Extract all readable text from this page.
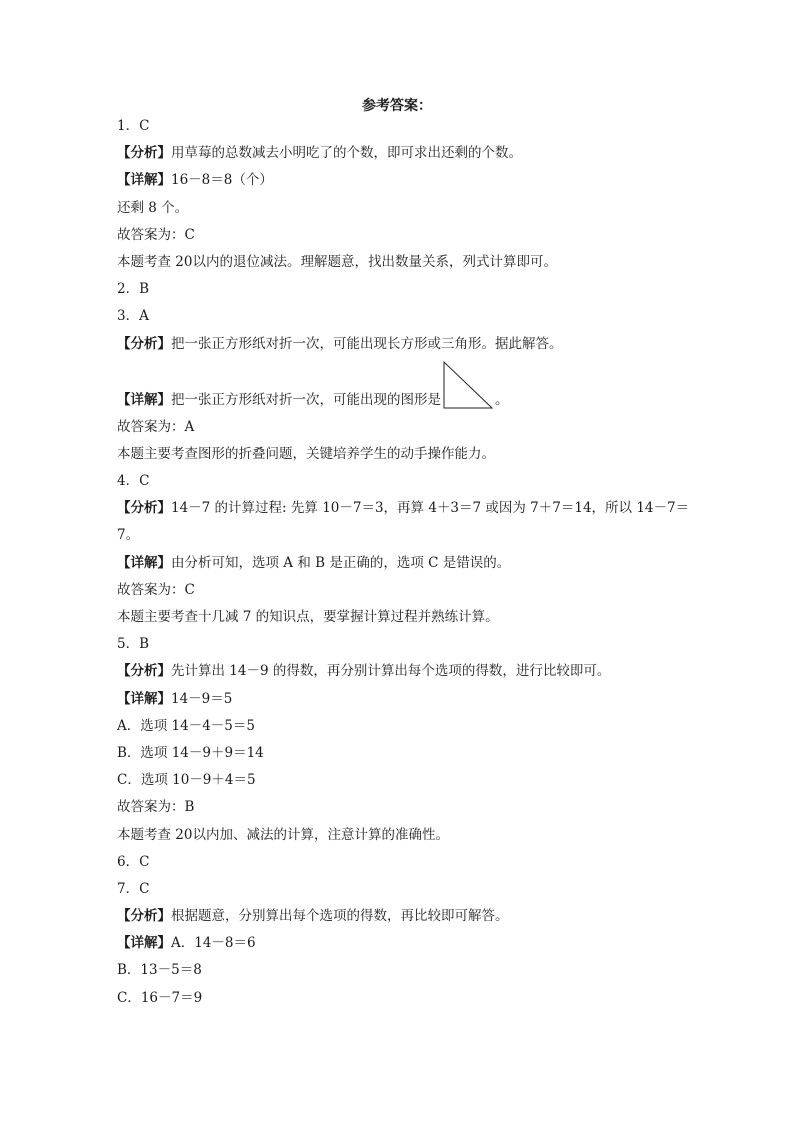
参考答案：
1．C
【分析】用草莓的总数减去小明吃了的个数，即可求出还剩的个数。
【详解】16－8＝8（个）
还剩 8 个。
故答案为：C
本题考查 20以内的退位减法。理解题意，找出数量关系，列式计算即可。
2．B
3．A
【分析】把一张正方形纸对折一次，可能出现长方形或三角形。据此解答。
【详解】 把一张正方形纸对折一次，可能出现的图形是	。
故答案为：A
本题主要考查图形的折叠问题，关键培养学生的动手操作能力。
4．C
【分析】14－7 的计算过程: 先算 10－7＝3，再算 4＋3＝7 或因为 7＋7＝14，所以 14－7＝
7。
【详解】由分析可知，选项 A 和 B 是正确的，选项 C 是错误的。
故答案为：C
本题主要考查十几减 7 的知识点，要掌握计算过程并熟练计算。
5．B
【分析】先计算出 14－9 的得数，再分别计算出每个选项的得数，进行比较即可。
【详解】14－9＝5
A．选项 14－4－5＝5
B．选项 14－9＋9＝14
C．选项 10－9＋4＝5
故答案为：B
本题考查 20以内加、减法的计算，注意计算的准确性。
6．C
7．C
【分析】根据题意，分别算出每个选项的得数，再比较即可解答。
【详解】A．14－8＝6
B．13－5＝8
C．16－7＝9
